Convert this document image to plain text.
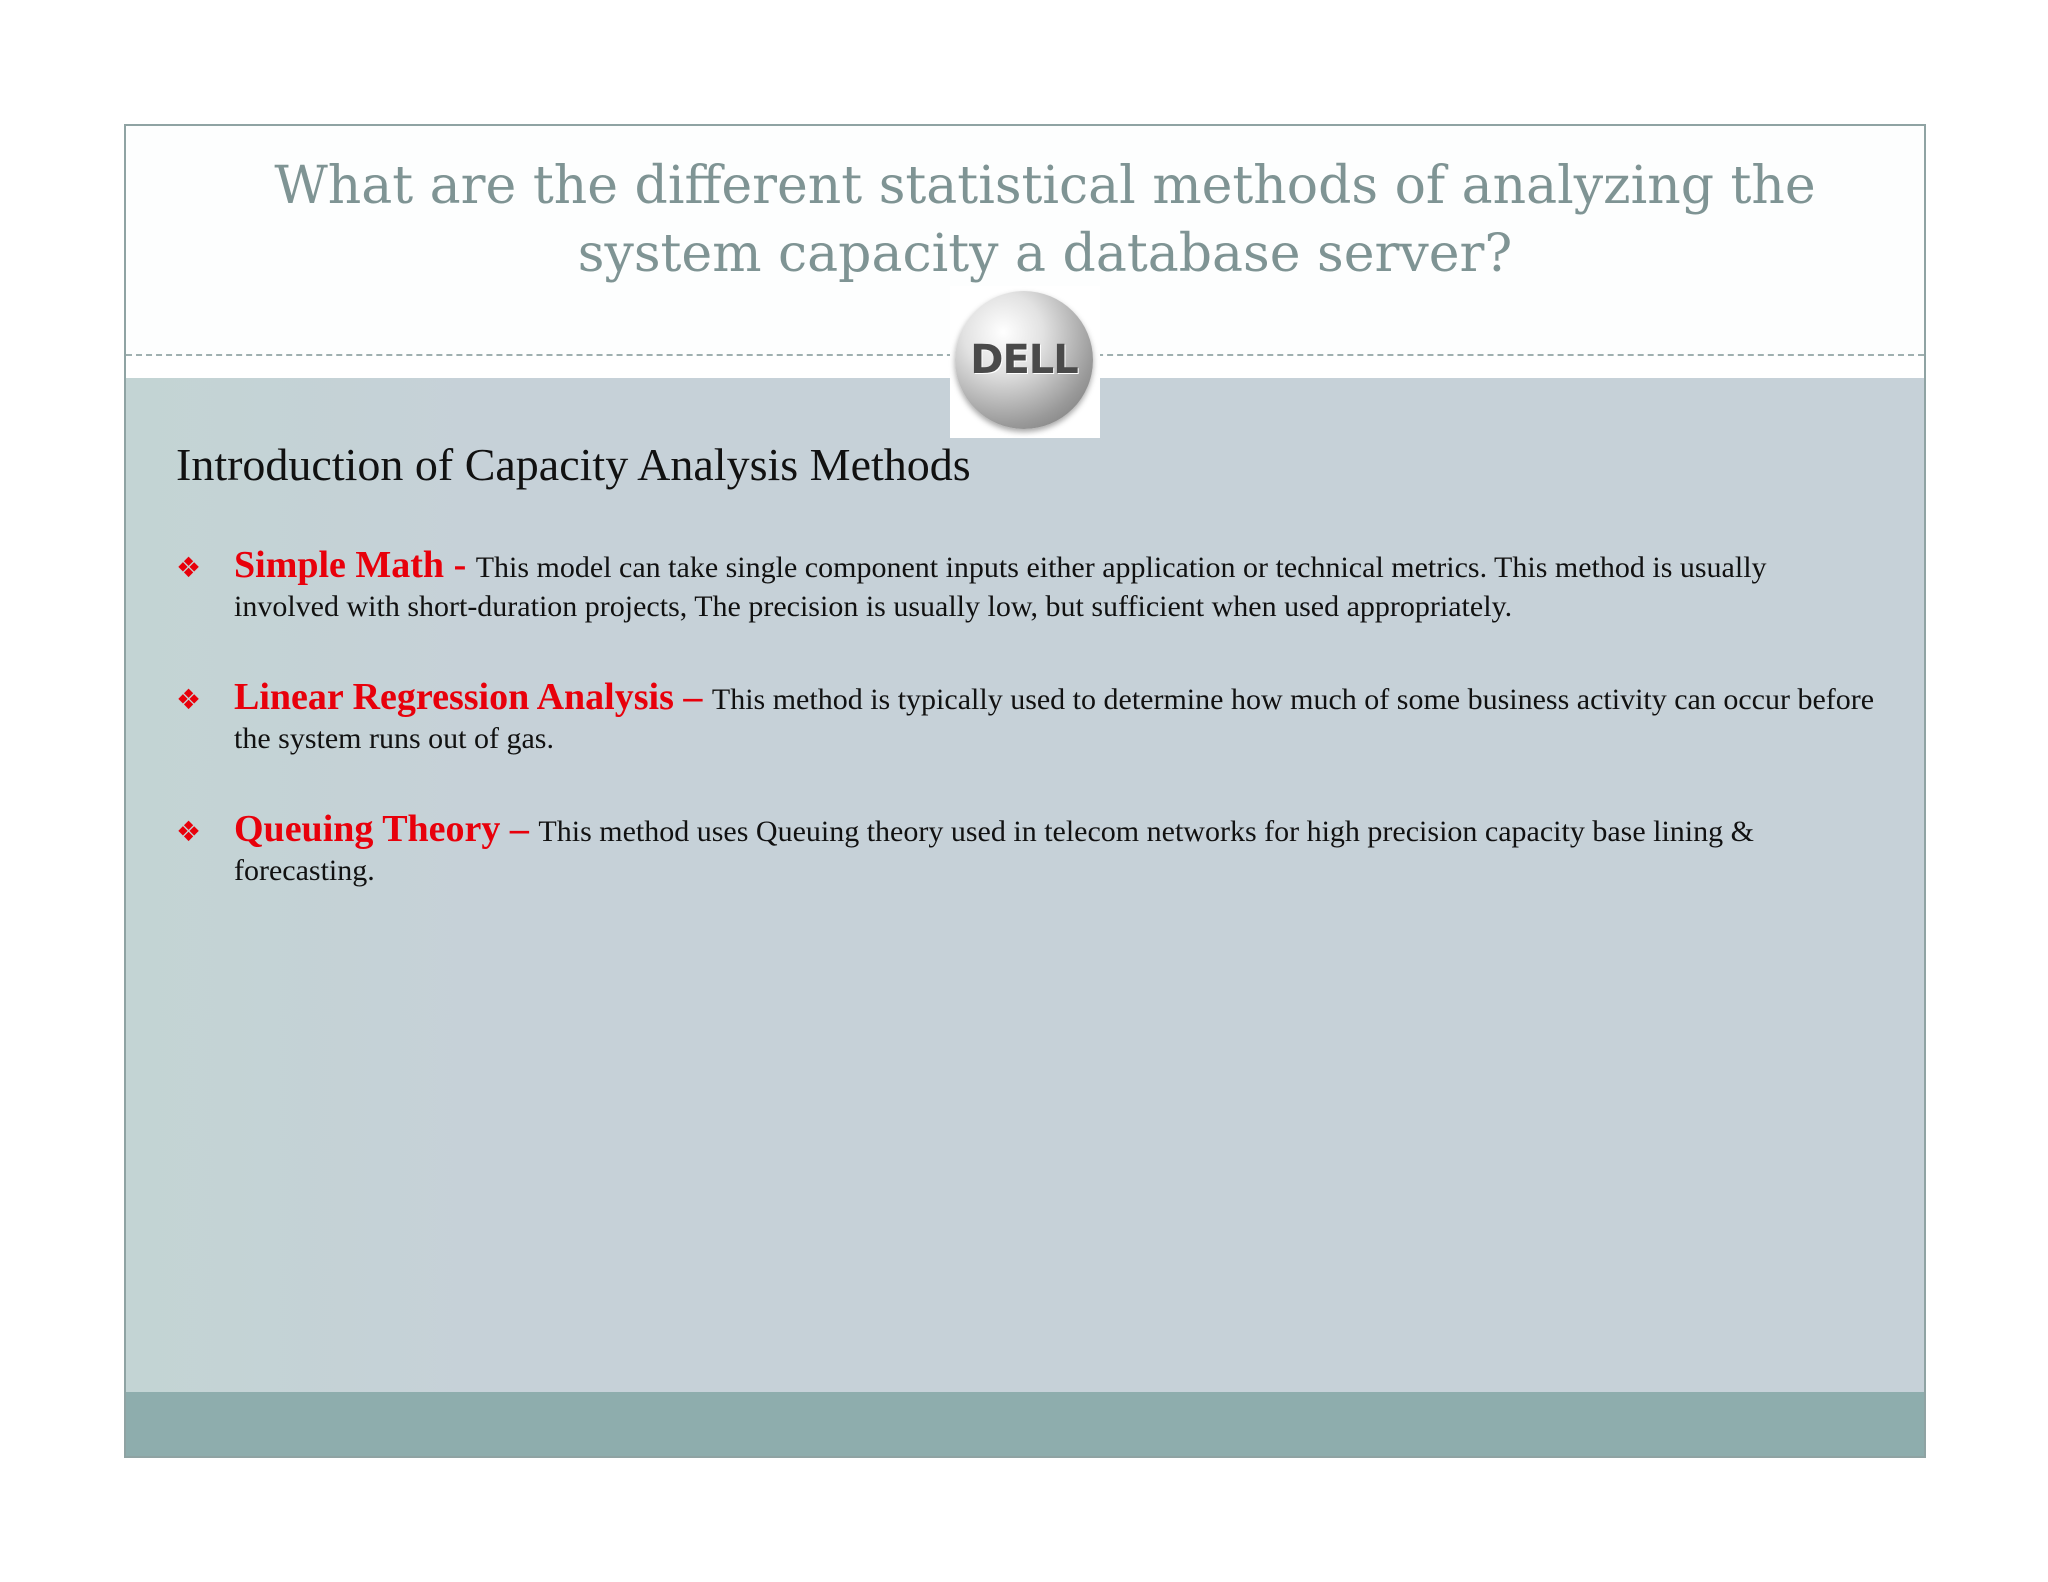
What are the different statistical methods of analyzing the system capacity a database server?
DELL
Introduction of Capacity Analysis Methods
❖ Simple Math - This model can take single component inputs either application or technical metrics. This method is usually involved with short-duration projects, The precision is usually low, but sufficient when used appropriately.
❖ Linear Regression Analysis – This method is typically used to determine how much of some business activity can occur before the system runs out of gas.
❖ Queuing Theory – This method uses Queuing theory used in telecom networks for high precision capacity base lining & forecasting.
